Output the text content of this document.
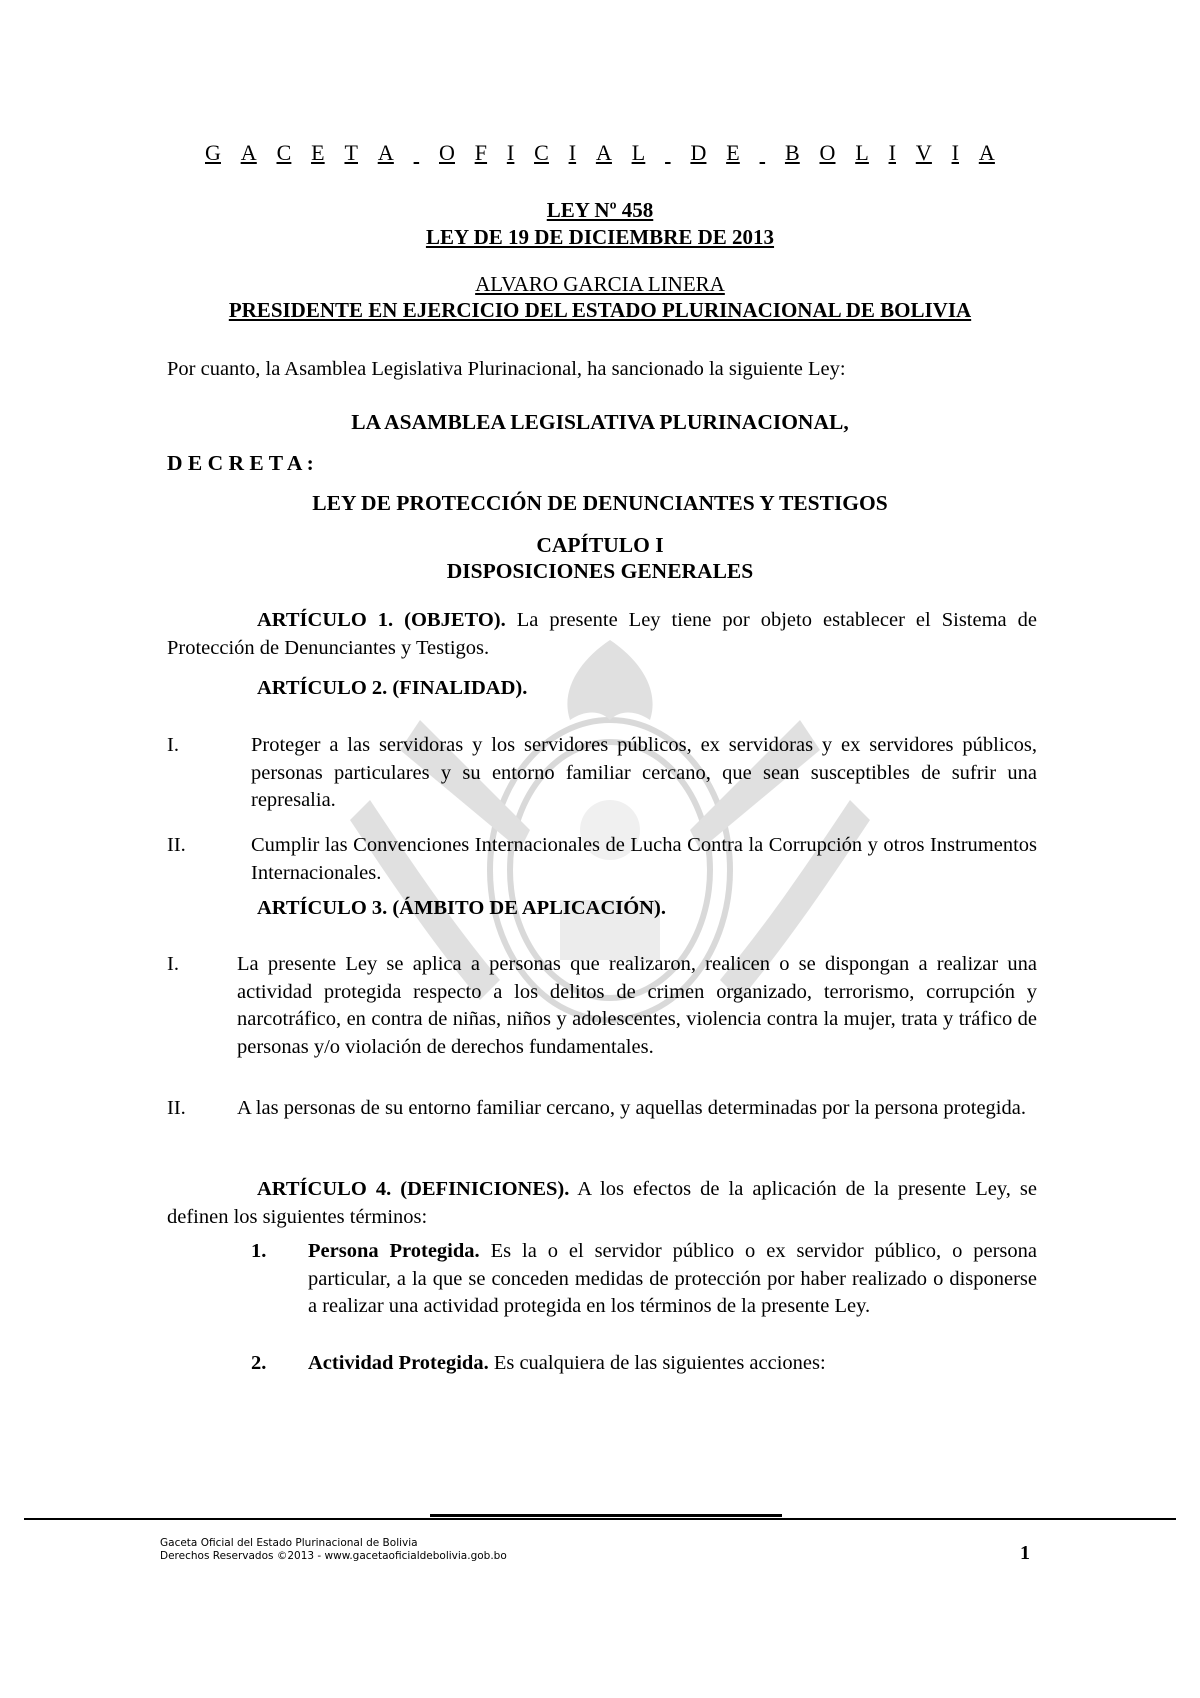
G A C E T A
O F I C I A L
D E
B O L I V I A
LEY Nº 458
LEY DE 19 DE DICIEMBRE DE 2013
ALVARO GARCIA LINERA
PRESIDENTE EN EJERCICIO DEL ESTADO PLURINACIONAL DE BOLIVIA
Por cuanto, la Asamblea Legislativa Plurinacional, ha sancionado la siguiente Ley:
LA ASAMBLEA LEGISLATIVA PLURINACIONAL,
D E C R E T A :
LEY DE PROTECCIÓN DE DENUNCIANTES Y TESTIGOS
CAPÍTULO I
DISPOSICIONES GENERALES
ARTÍCULO 1. (OBJETO). La presente Ley tiene por objeto establecer el Sistema de Protección de Denunciantes y Testigos.
ARTÍCULO 2. (FINALIDAD).
I.	Proteger a las servidoras y los servidores públicos, ex servidoras y ex servidores públicos, personas particulares y su entorno familiar cercano, que sean susceptibles de sufrir una represalia.
II.	Cumplir las Convenciones Internacionales de Lucha Contra la Corrupción y otros Instrumentos Internacionales.
ARTÍCULO 3. (ÁMBITO DE APLICACIÓN).
I.	La presente Ley se aplica a personas que realizaron, realicen o se dispongan a realizar una actividad protegida respecto a los delitos de crimen organizado, terrorismo, corrupción y narcotráfico, en contra de niñas, niños y adolescentes, violencia contra la mujer, trata y tráfico de personas y/o violación de derechos fundamentales.
II.	A las personas de su entorno familiar cercano, y aquellas determinadas por la persona protegida.
ARTÍCULO 4. (DEFINICIONES). A los efectos de la aplicación de la presente Ley, se definen los siguientes términos:
1.	Persona Protegida. Es la o el servidor público o ex servidor público, o persona particular, a la que se conceden medidas de protección por haber realizado o disponerse a realizar una actividad protegida en los términos de la presente Ley.
2.	Actividad Protegida. Es cualquiera de las siguientes acciones:
Gaceta Oficial del Estado Plurinacional de Bolivia
Derechos Reservados ©2013 - www.gacetaoficialdebolivia.gob.bo	1
